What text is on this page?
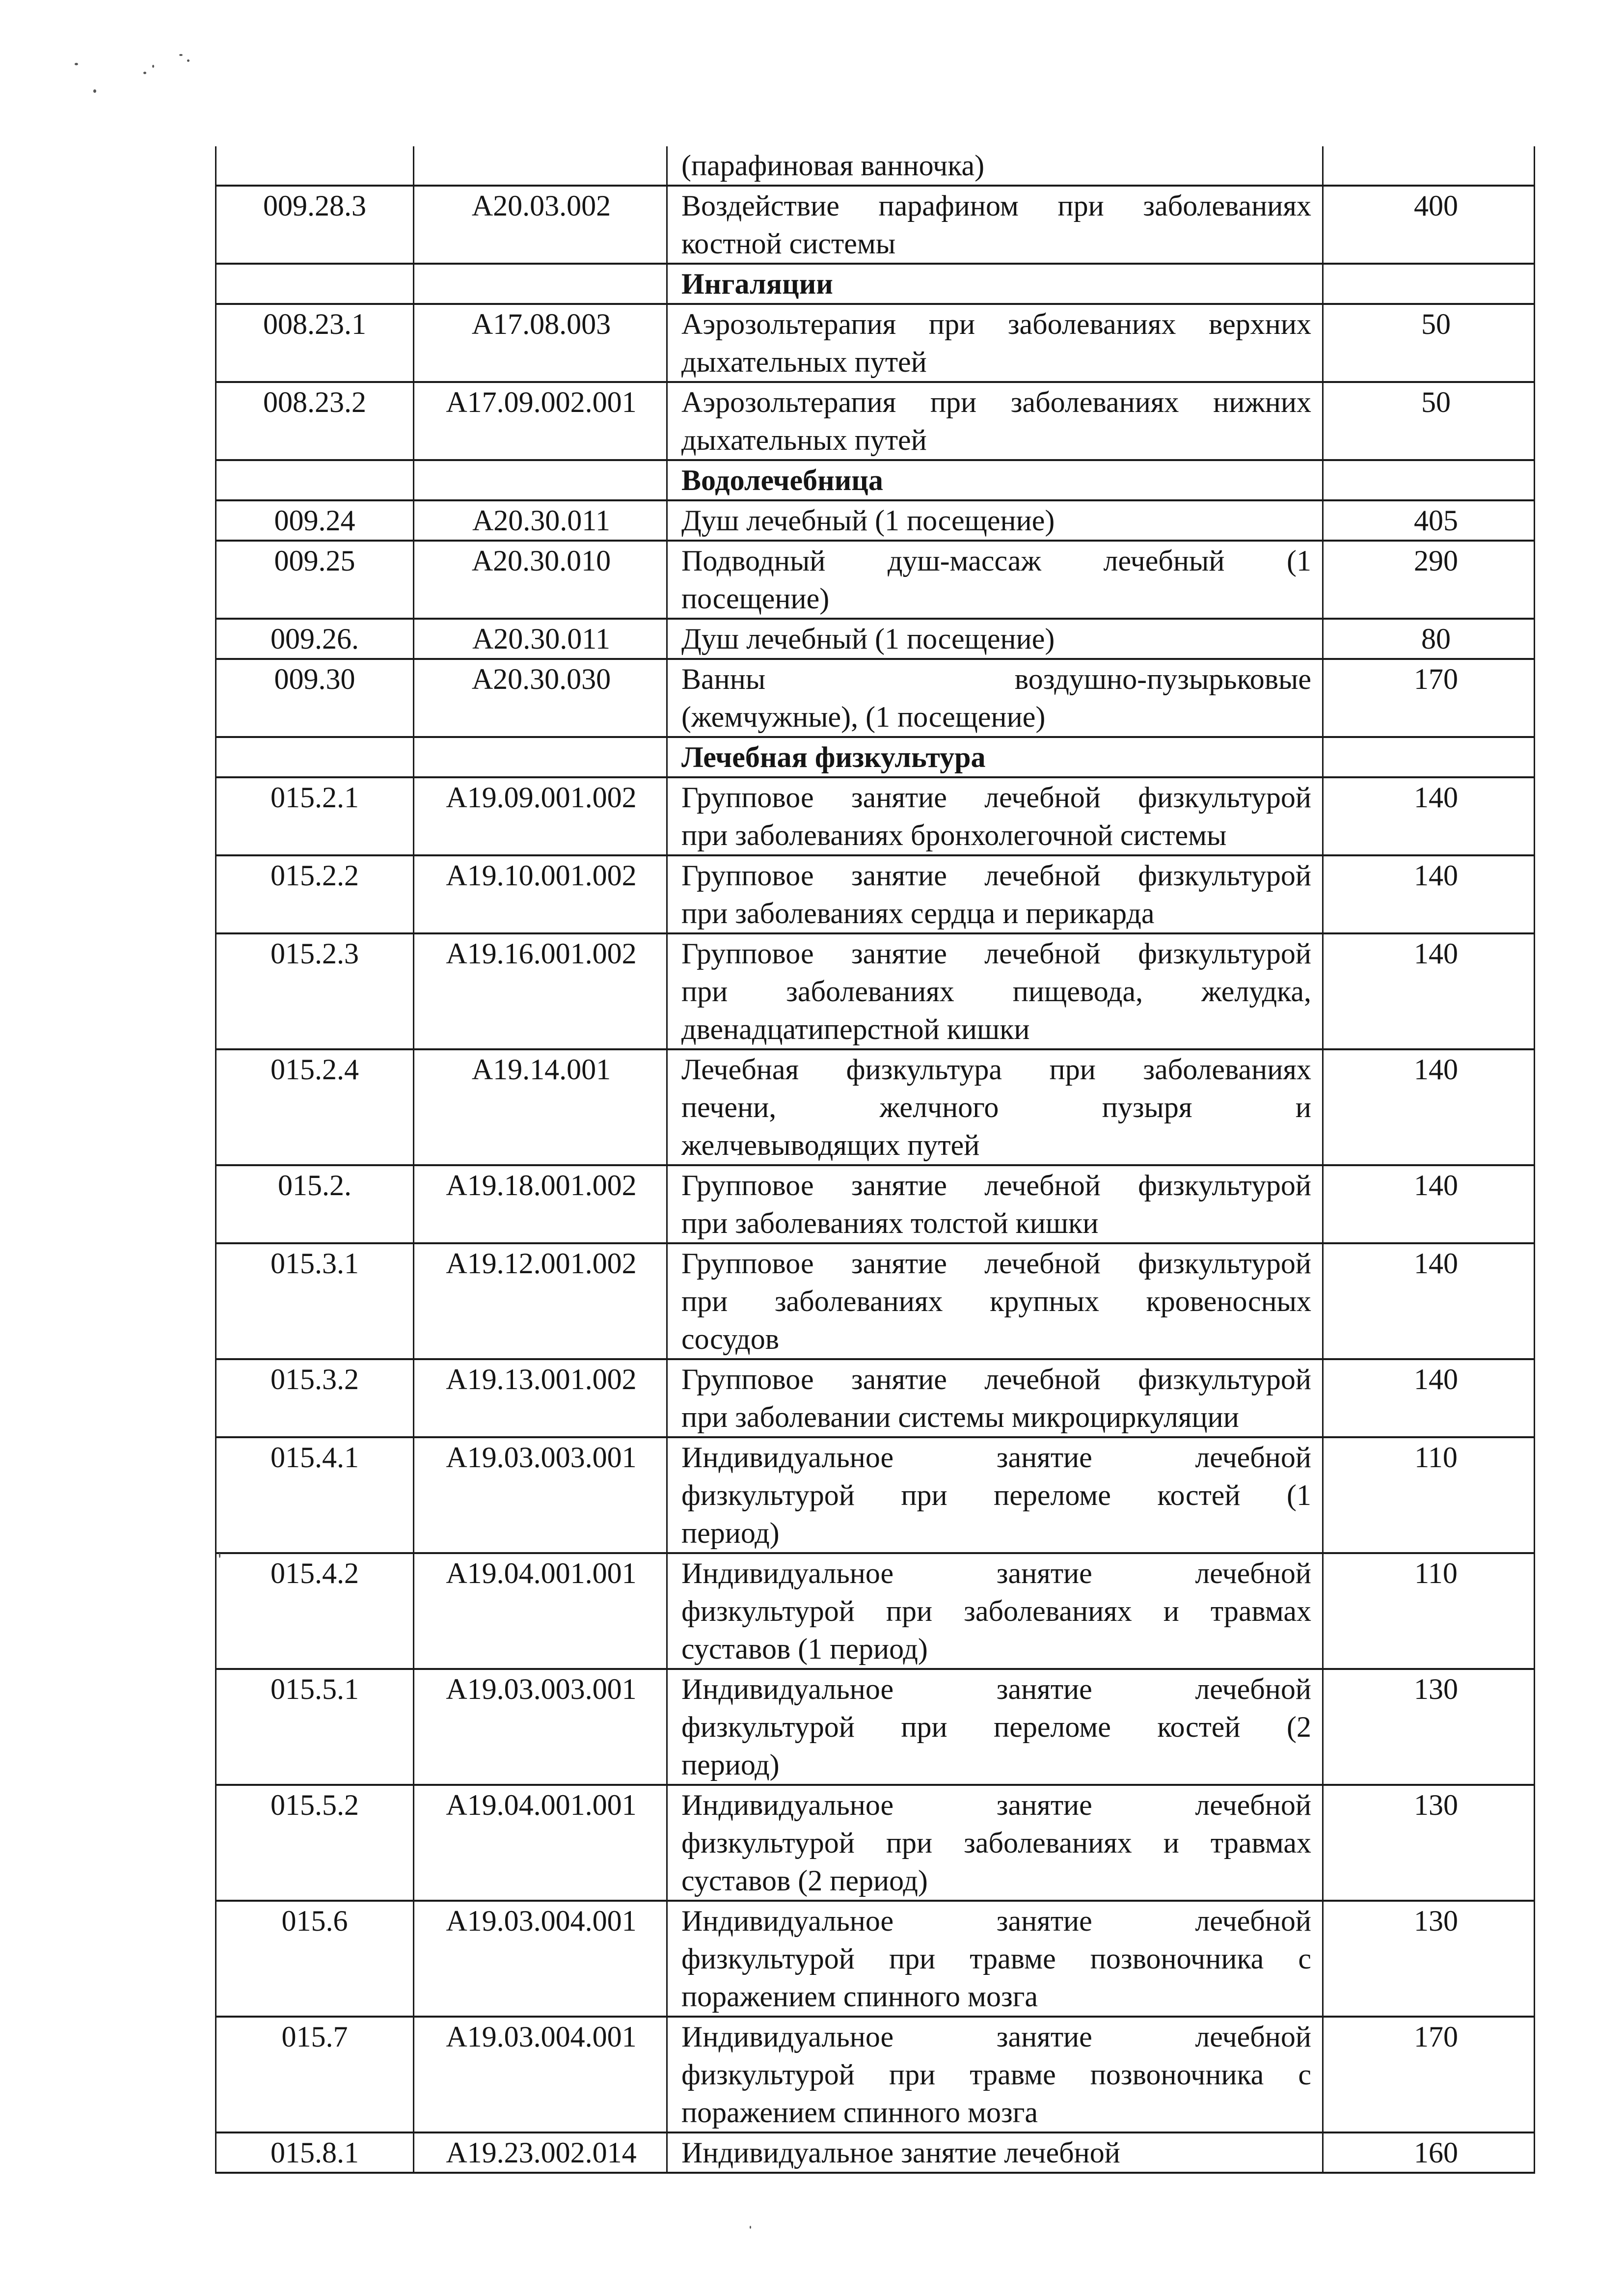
		(парафиновая ванночка)	

009.28.3	A20.03.002	Воздействие парафином при заболеваниях
костной системы	400

		Ингаляции	

008.23.1	A17.08.003	Аэрозольтерапия при заболеваниях верхних
дыхательных путей	50
008.23.2	A17.09.002.001	Аэрозольтерапия при заболеваниях нижних
дыхательных путей	50

		Водолечебница	

009.24	A20.30.011	Душ лечебный (1 посещение)	405
009.25	A20.30.010	Подводный душ-массаж лечебный (1
посещение)	290
009.26.	A20.30.011	Душ лечебный (1 посещение)	80
009.30	A20.30.030	Ванны воздушно-пузырьковые
(жемчужные), (1 посещение)	170

		Лечебная физкультура	

015.2.1	A19.09.001.002	Групповое занятие лечебной физкультурой
при заболеваниях бронхолегочной системы	140
015.2.2	A19.10.001.002	Групповое занятие лечебной физкультурой
при заболеваниях сердца и перикарда	140
015.2.3	A19.16.001.002	Групповое занятие лечебной физкультурой
при заболеваниях пищевода, желудка,
двенадцатиперстной кишки	140
015.2.4	A19.14.001	Лечебная физкультура при заболеваниях
печени, желчного пузыря и
желчевыводящих путей	140
015.2.	A19.18.001.002	Групповое занятие лечебной физкультурой
при заболеваниях толстой кишки	140
015.3.1	A19.12.001.002	Групповое занятие лечебной физкультурой
при заболеваниях крупных кровеносных
сосудов	140
015.3.2	A19.13.001.002	Групповое занятие лечебной физкультурой
при заболевании системы микроциркуляции	140
015.4.1	A19.03.003.001	Индивидуальное занятие лечебной
физкультурой при переломе костей (1
период)	110
015.4.2	A19.04.001.001	Индивидуальное занятие лечебной
физкультурой при заболеваниях и травмах
суставов (1 период)	110
015.5.1	A19.03.003.001	Индивидуальное занятие лечебной
физкультурой при переломе костей (2
период)	130
015.5.2	A19.04.001.001	Индивидуальное занятие лечебной
физкультурой при заболеваниях и травмах
суставов (2 период)	130
015.6	A19.03.004.001	Индивидуальное занятие лечебной
физкультурой при травме позвоночника с
поражением спинного мозга	130
015.7	A19.03.004.001	Индивидуальное занятие лечебной
физкультурой при травме позвоночника с
поражением спинного мозга	170
015.8.1	A19.23.002.014	Индивидуальное занятие лечебной	160
